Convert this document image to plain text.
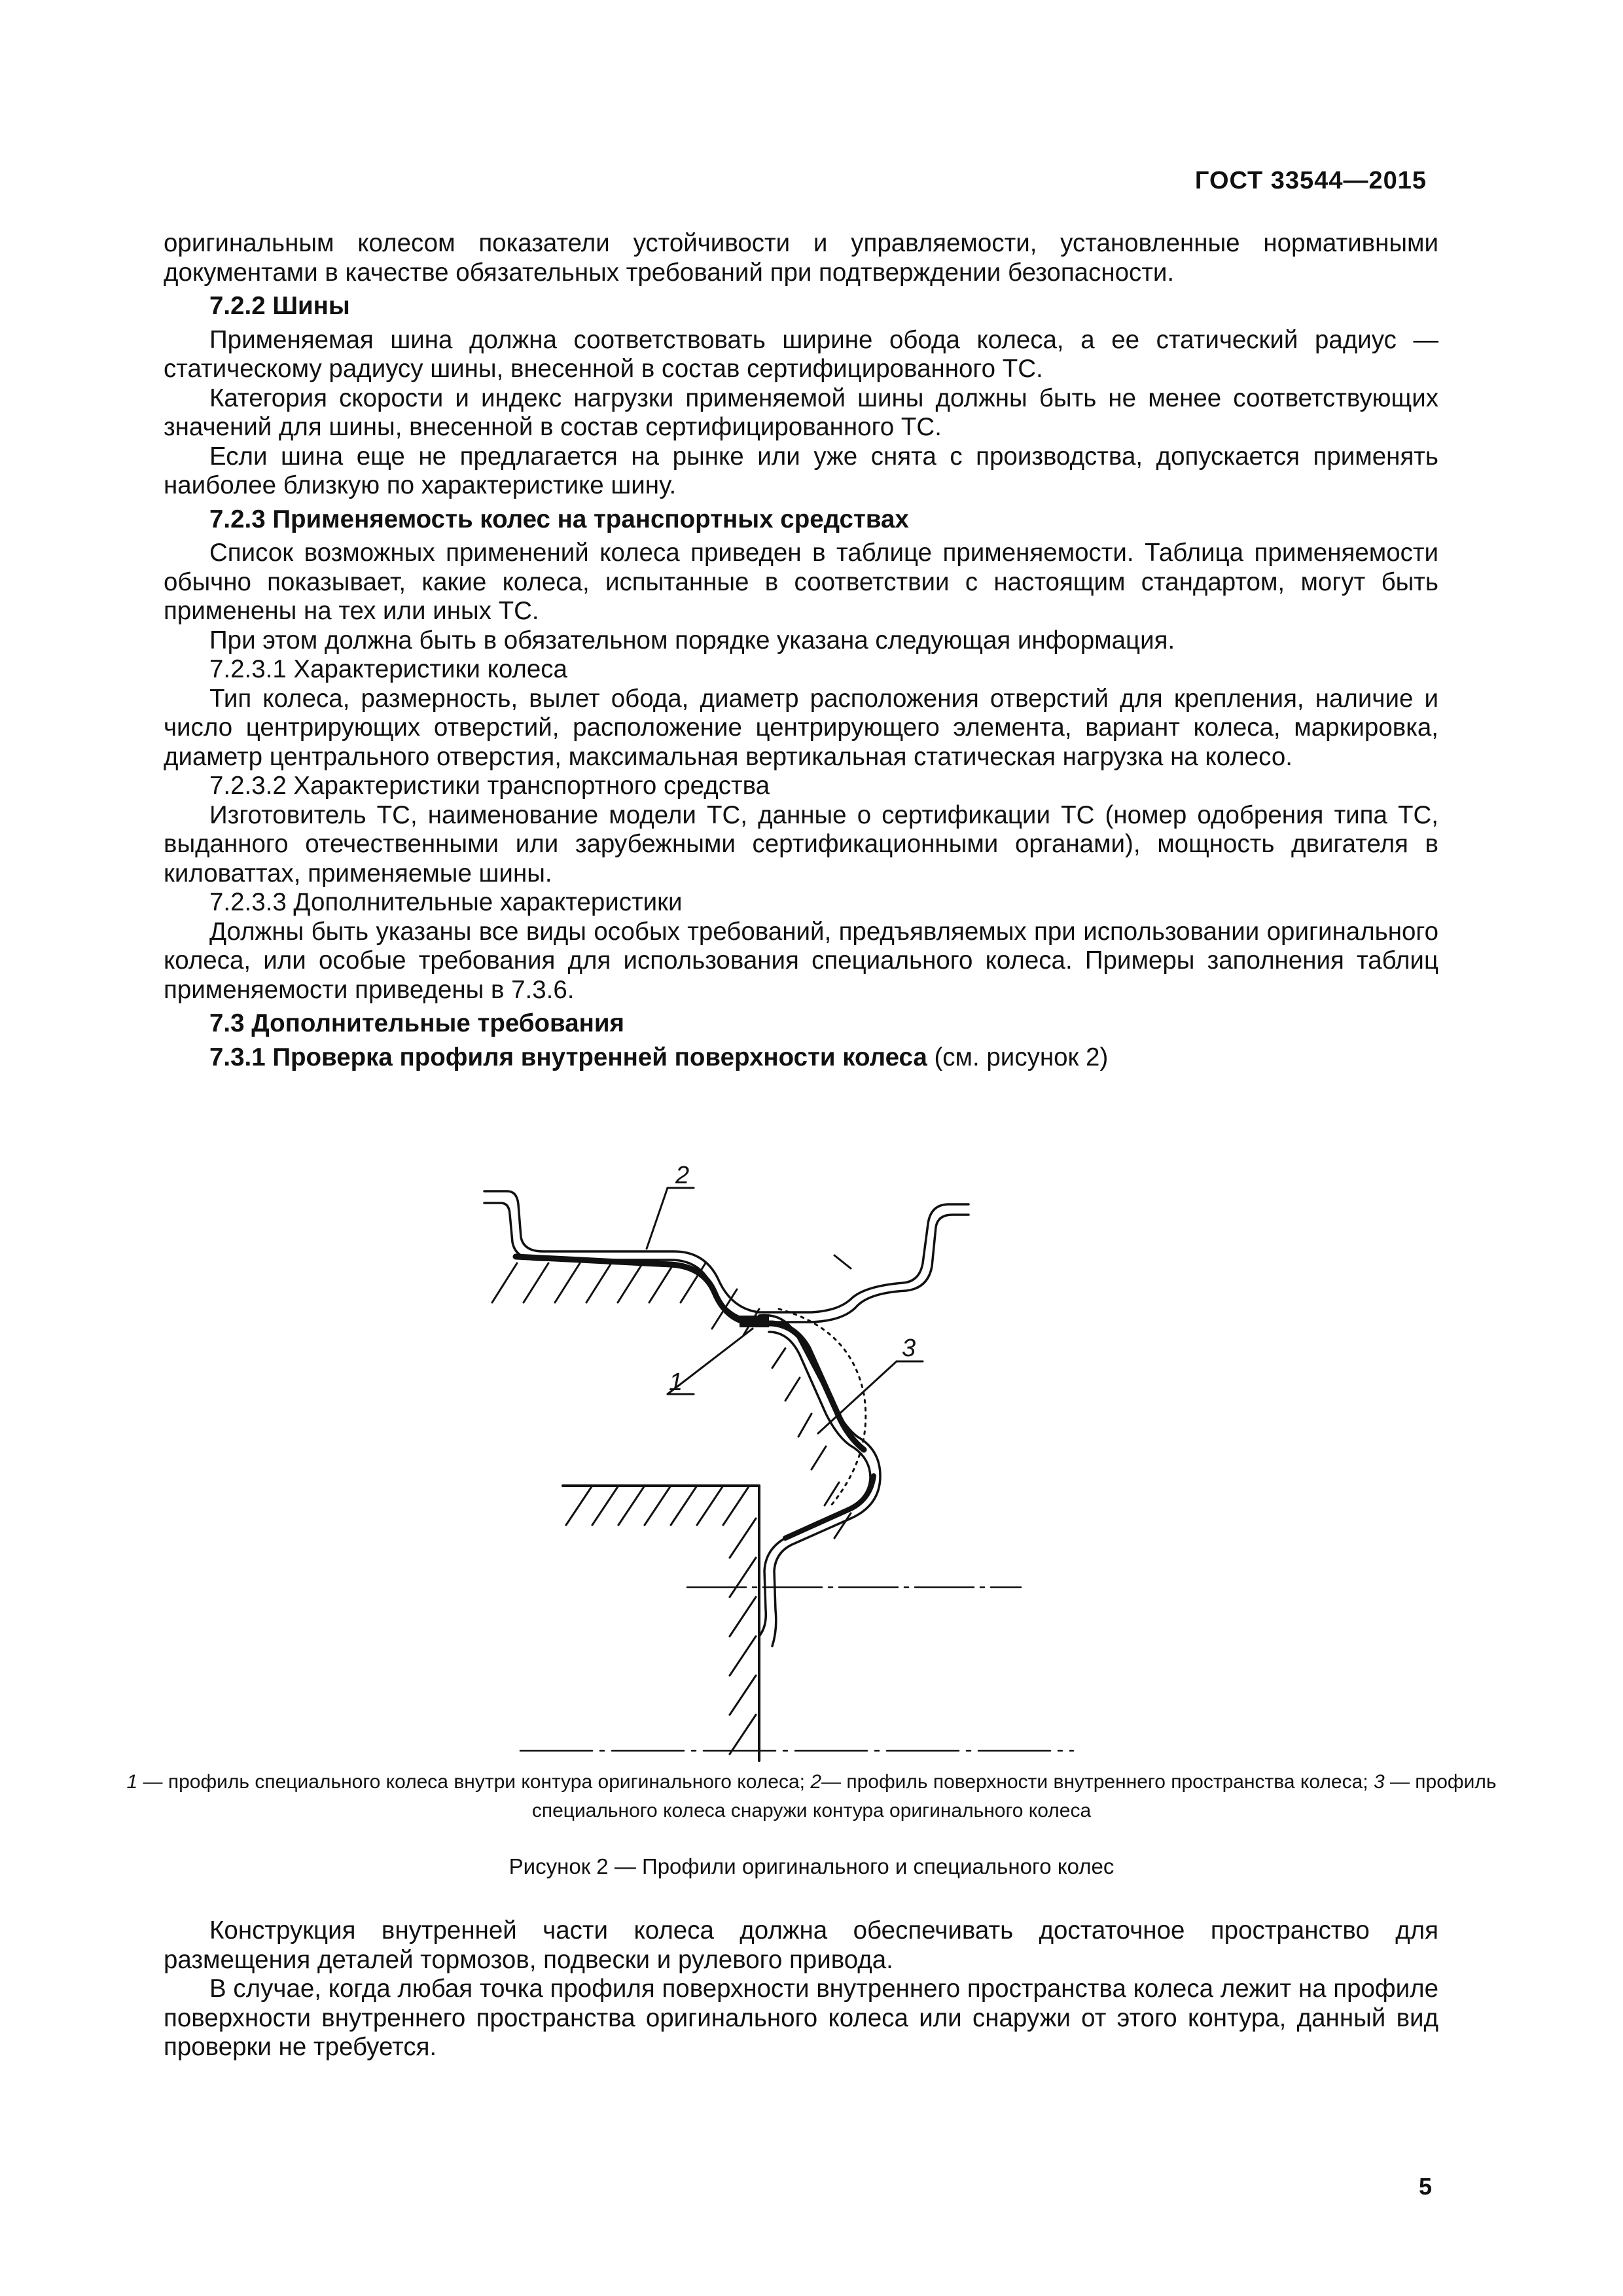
ГОСТ 33544—2015

оригинальным колесом показатели устойчивости и управляемости, установленные нормативными документами в качестве обязательных требований при подтверждении безопасности.

7.2.2 Шины

Применяемая шина должна соответствовать ширине обода колеса, а ее статический радиус — статическому радиусу шины, внесенной в состав сертифицированного ТС.

Категория скорости и индекс нагрузки применяемой шины должны быть не менее соответствующих значений для шины, внесенной в состав сертифицированного ТС.

Если шина еще не предлагается на рынке или уже снята с производства, допускается применять наиболее близкую по характеристике шину.

7.2.3 Применяемость колес на транспортных средствах

Список возможных применений колеса приведен в таблице применяемости. Таблица применяемости обычно показывает, какие колеса, испытанные в соответствии с настоящим стандартом, могут быть применены на тех или иных ТС.

При этом должна быть в обязательном порядке указана следующая информация.

7.2.3.1 Характеристики колеса

Тип колеса, размерность, вылет обода, диаметр расположения отверстий для крепления, наличие и число центрирующих отверстий, расположение центрирующего элемента, вариант колеса, маркировка, диаметр центрального отверстия, максимальная вертикальная статическая нагрузка на колесо.

7.2.3.2 Характеристики транспортного средства

Изготовитель ТС, наименование модели ТС, данные о сертификации ТС (номер одобрения типа ТС, выданного отечественными или зарубежными сертификационными органами), мощность двигателя в киловаттах, применяемые шины.

7.2.3.3 Дополнительные характеристики

Должны быть указаны все виды особых требований, предъявляемых при использовании оригинального колеса, или особые требования для использования специального колеса. Примеры заполнения таблиц применяемости приведены в 7.3.6.

7.3 Дополнительные требования

7.3.1 Проверка профиля внутренней поверхности колеса (см. рисунок 2)

2
1
3
1 — профиль специального колеса внутри контура оригинального колеса; 2— профиль поверхности внутреннего пространства колеса; 3 — профиль специального колеса снаружи контура оригинального колеса
Рисунок 2 — Профили оригинального и специального колес

Конструкция внутренней части колеса должна обеспечивать достаточное пространство для размещения деталей тормозов, подвески и рулевого привода.

В случае, когда любая точка профиля поверхности внутреннего пространства колеса лежит на профиле поверхности внутреннего пространства оригинального колеса или снаружи от этого контура, данный вид проверки не требуется.

5
